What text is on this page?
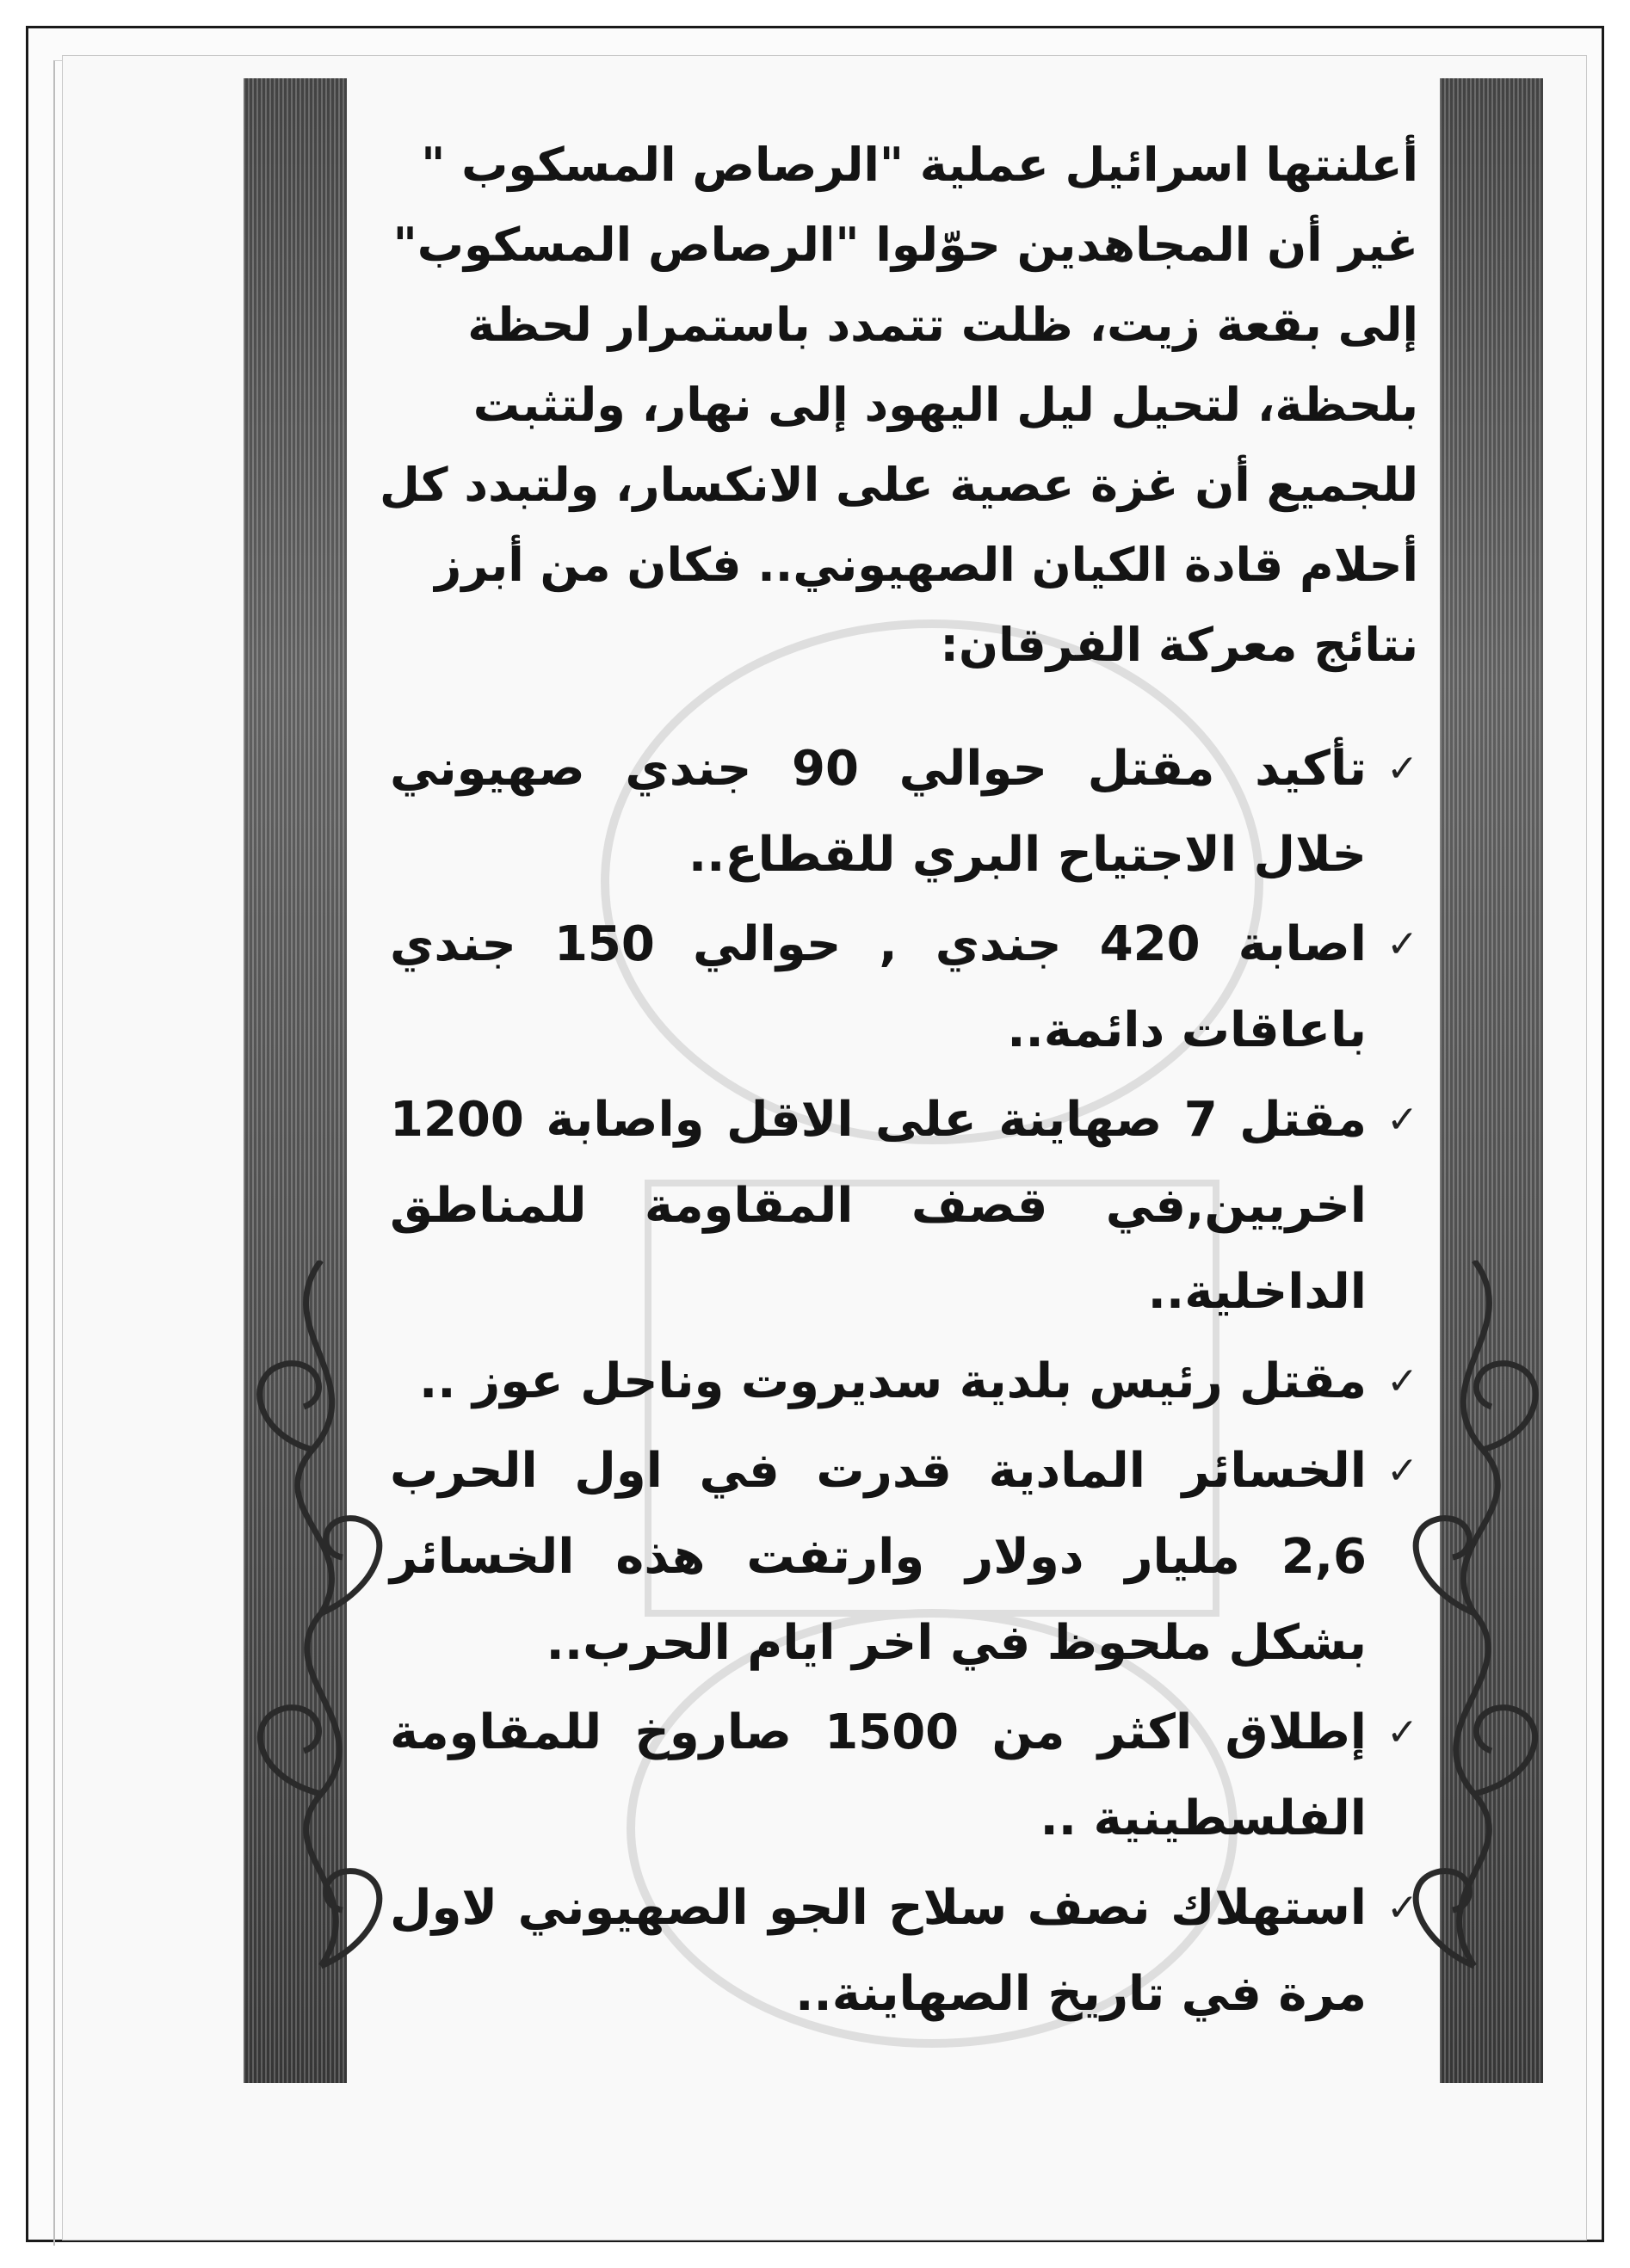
أعلنتها اسرائيل عملية "الرصاص المسكوب "

غير أن المجاهدين حوّلوا "الرصاص المسكوب"

إلى بقعة زيت، ظلت تتمدد باستمرار لحظة

بلحظة، لتحيل ليل اليهود إلى نهار، ولتثبت

للجميع أن غزة عصية على الانكسار، ولتبدد كل

أحلام قادة الكيان الصهيوني.. فكان من أبرز

نتائج معركة الفرقان:

✓
تأكيد مقتل حوالي 90 جندي صهيوني خلال الاجتياح البري للقطاع..
✓
اصابة 420 جندي , حوالي 150 جندي باعاقات دائمة..
✓
مقتل 7 صهاينة على الاقل واصابة 1200 اخريين,في قصف المقاومة للمناطق الداخلية..
✓
مقتل رئيس بلدية سديروت وناحل عوز ..
✓
الخسائر المادية قدرت في اول الحرب 2,6 مليار دولار وارتفت هذه الخسائر بشكل ملحوظ في اخر ايام الحرب..
✓
إطلاق اكثر من 1500 صاروخ للمقاومة الفلسطينية ..
✓
استهلاك نصف سلاح الجو الصهيوني لاول مرة في تاريخ الصهاينة..
